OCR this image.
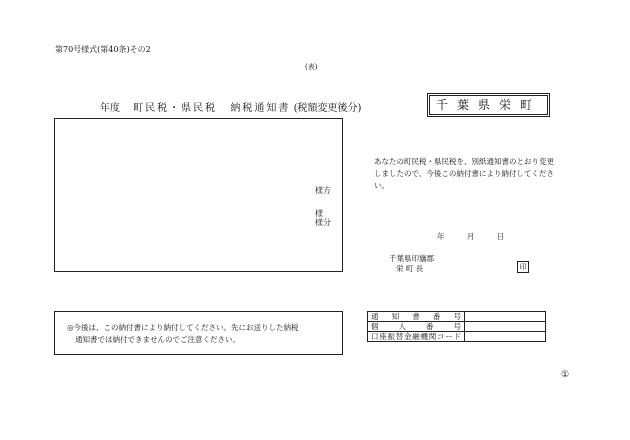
第70号様式(第40条)その2
(表)
年度 町民税・県民税 納税通知書 (税額変更後分)	千葉県栄町
様方
様
様分
あなたの町民税・県民税を、別紙通知書のとおり変更しましたので、今後この納付書により納付してください。
年	月	日
千葉県印旛郡
栄 町 長	印
◎今後は、この納付書により納付してください。先にお送りした納税
通知書では納付できませんのでご注意ください。
通知書番号	
個人番号	
口座振替金融機関コード	
①
